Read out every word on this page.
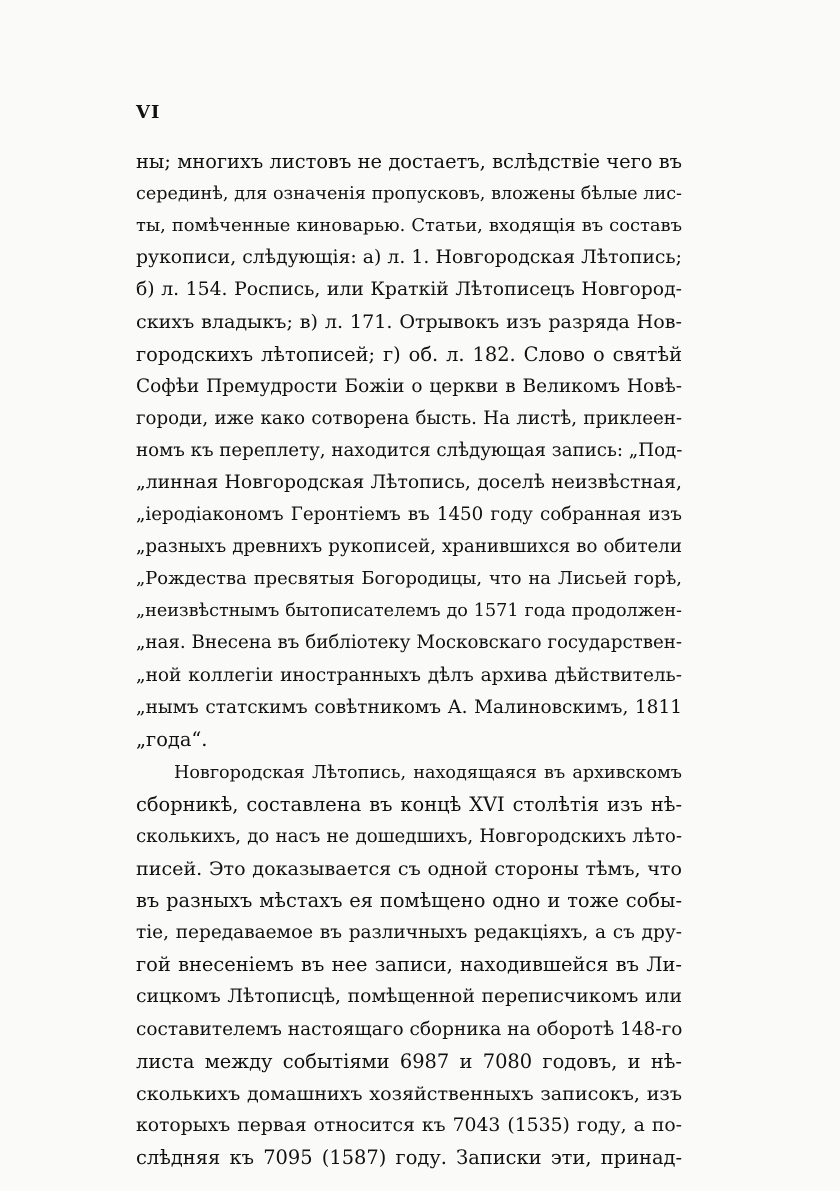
VI
ны; многихъ листовъ не достаетъ, вслѣдствіе чего въ
серединѣ, для означенія пропусковъ, вложены бѣлые лис-
ты, помѣченные киноварью. Статьи, входящія въ составъ
рукописи, слѣдующія: а) л. 1. Новгородская Лѣтопись;
б) л. 154. Роспись, или Краткій Лѣтописецъ Новгород-
скихъ владыкъ; в) л. 171. Отрывокъ изъ разряда Нов-
городскихъ лѣтописей; г) об. л. 182. Слово о святѣй
Софѣи Премудрости Божіи о церкви в Великомъ Новѣ-
городи, иже како сотворена бысть. На листѣ, приклеен-
номъ къ переплету, находится слѣдующая запись: „Под-
„линная Новгородская Лѣтопись, доселѣ неизвѣстная,
„іеродіакономъ Геронтіемъ въ 1450 году собранная изъ
„разныхъ древнихъ рукописей, хранившихся во обители
„Рождества пресвятыя Богородицы, что на Лисьей горѣ,
„неизвѣстнымъ бытописателемъ до 1571 года продолжен-
„ная. Внесена въ библіотеку Московскаго государствен-
„ной коллегіи иностранныхъ дѣлъ архива дѣйствитель-
„нымъ статскимъ совѣтникомъ А. Малиновскимъ, 1811
„года“.
Новгородская Лѣтопись, находящаяся въ архивскомъ
сборникѣ, составлена въ концѣ XVI столѣтія изъ нѣ-
сколькихъ, до насъ не дошедшихъ, Новгородскихъ лѣто-
писей. Это доказывается съ одной стороны тѣмъ, что
въ разныхъ мѣстахъ ея помѣщено одно и тоже собы-
тіе, передаваемое въ различныхъ редакціяхъ, а съ дру-
гой внесеніемъ въ нее записи, находившейся въ Ли-
сицкомъ Лѣтописцѣ, помѣщенной переписчикомъ или
составителемъ настоящаго сборника на оборотѣ 148-го
листа между событіями 6987 и 7080 годовъ, и нѣ-
сколькихъ домашнихъ хозяйственныхъ записокъ, изъ
которыхъ первая относится къ 7043 (1535) году, а по-
слѣдняя къ 7095 (1587) году. Записки эти, принад-
